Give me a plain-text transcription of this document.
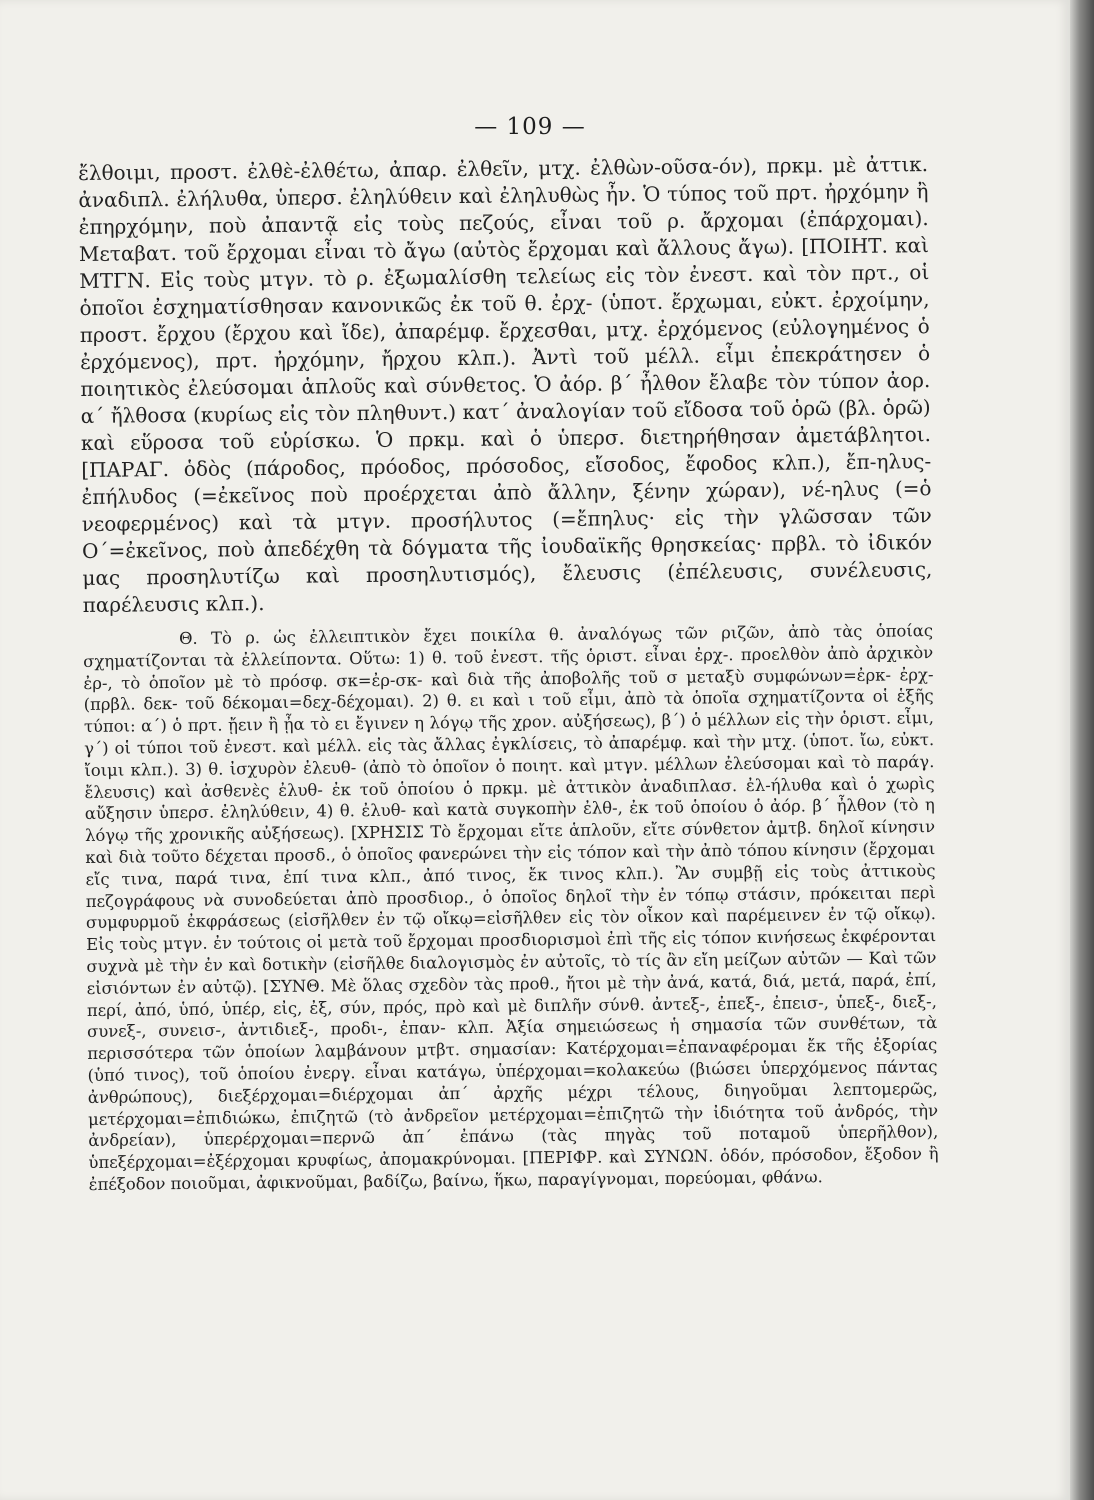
— 109 —

ἔλθοιμι, προστ. ἐλθὲ-ἐλθέτω, ἀπαρ. ἐλθεῖν, μτχ. ἐλθὼν-οῦσα-όν), πρκμ. μὲ ἀττικ. ἀναδιπλ. ἐλήλυθα, ὑπερσ. ἐληλύθειν καὶ ἐληλυθὼς ἦν. Ὁ τύπος τοῦ πρτ. ἠρχόμην ἢ ἐπηρχόμην, ποὺ ἀπαντᾷ εἰς τοὺς πεζούς, εἶναι τοῦ ρ. ἄρχομαι (ἐπάρχομαι). Μεταβατ. τοῦ ἔρχομαι εἶναι τὸ ἄγω (αὐτὸς ἔρχομαι καὶ ἄλλους ἄγω). [ΠΟΙΗΤ. καὶ ΜΤΓΝ. Εἰς τοὺς μτγν. τὸ ρ. ἐξωμαλίσθη τελείως εἰς τὸν ἐνεστ. καὶ τὸν πρτ., οἱ ὁποῖοι ἐσχηματίσθησαν κανονικῶς ἐκ τοῦ θ. ἐρχ- (ὑποτ. ἔρχωμαι, εὐκτ. ἐρχοίμην, προστ. ἔρχου (ἔρχου καὶ ἴδε), ἀπαρέμφ. ἔρχεσθαι, μτχ. ἐρχόμενος (εὐλογημένος ὁ ἐρχόμενος), πρτ. ἠρχόμην, ἤρχου κλπ.). Ἀντὶ τοῦ μέλλ. εἶμι ἐπεκράτησεν ὁ ποιητικὸς ἐλεύσομαι ἁπλοῦς καὶ σύνθετος. Ὁ ἀόρ. β΄ ἦλθον ἔλαβε τὸν τύπον ἀορ. α΄ ἤλθοσα (κυρίως εἰς τὸν πληθυντ.) κατ΄ ἀναλογίαν τοῦ εἴδοσα τοῦ ὁρῶ (βλ. ὁρῶ) καὶ εὕροσα τοῦ εὑρίσκω. Ὁ πρκμ. καὶ ὁ ὑπερσ. διετηρήθησαν ἀμετάβλητοι. [ΠΑΡΑΓ. ὁδὸς (πάροδος, πρόοδος, πρόσοδος, εἴσοδος, ἔφοδος κλπ.), ἔπ-ηλυς-ἐπήλυδος (=ἐκεῖνος ποὺ προέρχεται ἀπὸ ἄλλην, ξένην χώραν), νέ-ηλυς (=ὁ νεοφερμένος) καὶ τὰ μτγν. προσήλυτος (=ἔπηλυς· εἰς τὴν γλῶσσαν τῶν Ο΄=ἐκεῖνος, ποὺ ἀπεδέχθη τὰ δόγματα τῆς ἰουδαϊκῆς θρησκείας· πρβλ. τὸ ἰδικόν μας προσηλυτίζω καὶ προσηλυτισμός), ἔλευσις (ἐπέλευσις, συνέλευσις, παρέλευσις κλπ.).

Θ. Τὸ ρ. ὡς ἐλλειπτικὸν ἔχει ποικίλα θ. ἀναλόγως τῶν ριζῶν, ἀπὸ τὰς ὁποίας σχηματίζονται τὰ ἐλλείποντα. Οὕτω: 1) θ. τοῦ ἐνεστ. τῆς ὁριστ. εἶναι ἐρχ-. προελθὸν ἀπὸ ἀρχικὸν ἐρ-, τὸ ὁποῖον μὲ τὸ πρόσφ. σκ=ἐρ-σκ- καὶ διὰ τῆς ἀποβολῆς τοῦ σ μεταξὺ συμφώνων=ἐρκ- ἐρχ- (πρβλ. δεκ- τοῦ δέκομαι=δεχ-δέχομαι). 2) θ. ει καὶ ι τοῦ εἶμι, ἀπὸ τὰ ὁποῖα σχηματίζοντα οἱ ἑξῆς τύποι: α΄) ὁ πρτ. ᾔειν ἢ ᾖα τὸ ει ἔγινεν η λόγῳ τῆς χρον. αὐξήσεως), β΄) ὁ μέλλων εἰς τὴν ὁριστ. εἶμι, γ΄) οἱ τύποι τοῦ ἐνεστ. καὶ μέλλ. εἰς τὰς ἄλλας ἐγκλίσεις, τὸ ἀπαρέμφ. καὶ τὴν μτχ. (ὑποτ. ἴω, εὐκτ. ἴοιμι κλπ.). 3) θ. ἰσχυρὸν ἐλευθ- (ἀπὸ τὸ ὁποῖον ὁ ποιητ. καὶ μτγν. μέλλων ἐλεύσομαι καὶ τὸ παράγ. ἔλευσις) καὶ ἀσθενὲς ἐλυθ- ἐκ τοῦ ὁποίου ὁ πρκμ. μὲ ἀττικὸν ἀναδιπλασ. ἐλ-ήλυθα καὶ ὁ χωρὶς αὔξησιν ὑπερσ. ἐληλύθειν, 4) θ. ἐλυθ- καὶ κατὰ συγκοπὴν ἐλθ-, ἐκ τοῦ ὁποίου ὁ ἀόρ. β΄ ἦλθον (τὸ η λόγῳ τῆς χρονικῆς αὐξήσεως). [ΧΡΗΣΙΣ Τὸ ἔρχομαι εἴτε ἁπλοῦν, εἴτε σύνθετον ἀμτβ. δηλοῖ κίνησιν καὶ διὰ τοῦτο δέχεται προσδ., ὁ ὁποῖος φανερώνει τὴν εἰς τόπον καὶ τὴν ἀπὸ τόπου κίνησιν (ἔρχομαι εἴς τινα, παρά τινα, ἐπί τινα κλπ., ἀπό τινος, ἔκ τινος κλπ.). Ἂν συμβῇ εἰς τοὺς ἀττικοὺς πεζογράφους νὰ συνοδεύεται ἀπὸ προσδιορ., ὁ ὁποῖος δηλοῖ τὴν ἐν τόπῳ στάσιν, πρόκειται περὶ συμφυρμοῦ ἐκφράσεως (εἰσῆλθεν ἐν τῷ οἴκῳ=εἰσῆλθεν εἰς τὸν οἶκον καὶ παρέμεινεν ἐν τῷ οἴκῳ). Εἰς τοὺς μτγν. ἐν τούτοις οἱ μετὰ τοῦ ἔρχομαι προσδιορισμοὶ ἐπὶ τῆς εἰς τόπον κινήσεως ἐκφέρονται συχνὰ μὲ τὴν ἐν καὶ δοτικὴν (εἰσῆλθε διαλογισμὸς ἐν αὐτοῖς, τὸ τίς ἂν εἴη μείζων αὐτῶν — Καὶ τῶν εἰσιόντων ἐν αὐτῷ). [ΣΥΝΘ. Μὲ ὅλας σχεδὸν τὰς προθ., ἤτοι μὲ τὴν ἀνά, κατά, διά, μετά, παρά, ἐπί, περί, ἀπό, ὑπό, ὑπέρ, εἰς, ἐξ, σύν, πρός, πρὸ καὶ μὲ διπλῆν σύνθ. ἀντεξ-, ἐπεξ-, ἐπεισ-, ὑπεξ-, διεξ-, συνεξ-, συνεισ-, ἀντιδιεξ-, προδι-, ἐπαν- κλπ. Ἀξία σημειώσεως ἡ σημασία τῶν συνθέτων, τὰ περισσότερα τῶν ὁποίων λαμβάνουν μτβτ. σημασίαν: Κατέρχομαι=ἐπαναφέρομαι ἔκ τῆς ἐξορίας (ὑπό τινος), τοῦ ὁποίου ἐνεργ. εἶναι κατάγω, ὑπέρχομαι=κολακεύω (βιώσει ὑπερχόμενος πάντας ἀνθρώπους), διεξέρχομαι=διέρχομαι ἀπ΄ ἀρχῆς μέχρι τέλους, διηγοῦμαι λεπτομερῶς, μετέρχομαι=ἐπιδιώκω, ἐπιζητῶ (τὸ ἀνδρεῖον μετέρχομαι=ἐπιζητῶ τὴν ἰδιότητα τοῦ ἀνδρός, τὴν ἀνδρείαν), ὑπερέρχομαι=περνῶ ἀπ΄ ἐπάνω (τὰς πηγὰς τοῦ ποταμοῦ ὑπερῆλθον), ὑπεξέρχομαι=ἐξέρχομαι κρυφίως, ἀπομακρύνομαι. [ΠΕΡΙΦΡ. καὶ ΣΥΝΩΝ. ὁδόν, πρόσοδον, ἔξοδον ἢ ἐπέξοδον ποιοῦμαι, ἀφικνοῦμαι, βαδίζω, βαίνω, ἥκω, παραγίγνομαι, πορεύομαι, φθάνω.
